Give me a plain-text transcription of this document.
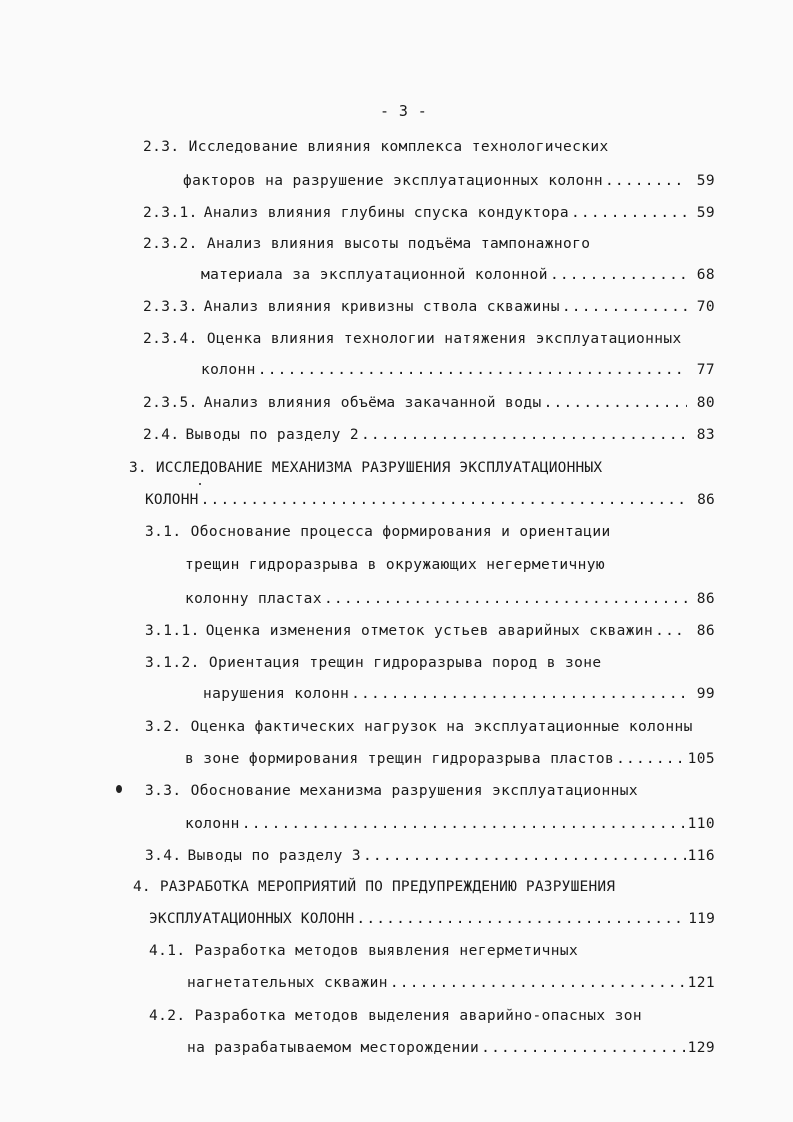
- 3 -
2.3. Исследование влияния комплекса технологических
факторов на разрушение эксплуатационных колонн .....	59
2.3.1. Анализ влияния глубины спуска кондуктора .....	59
2.3.2. Анализ влияния высоты подъёма тампонажного
материала за эксплуатационной колонной .....	68
2.3.3. Анализ влияния кривизны ствола скважины .....	70
2.3.4. Оценка влияния технологии натяжения эксплуатационных
колонн .....	77
2.3.5. Анализ влияния объёма закачанной воды .....	80
2.4. Выводы по разделу 2 .....	83
3. ИССЛЕДОВАНИЕ МЕХАНИЗМА РАЗРУШЕНИЯ ЭКСПЛУАТАЦИОННЫХ
КОЛОНН .....	86
3.1. Обоснование процесса формирования и ориентации
трещин гидроразрыва в окружающих негерметичную
колонну пластах .....	86
3.1.1. Оценка изменения отметок устьев аварийных скважин .....	86
3.1.2. Ориентация трещин гидроразрыва пород в зоне
нарушения колонн .....	99
3.2. Оценка фактических нагрузок на эксплуатационные колонны
в зоне формирования трещин гидроразрыва пластов .....	105
3.3. Обоснование механизма разрушения эксплуатационных
колонн .....	110
3.4. Выводы по разделу 3 .....	116
4. РАЗРАБОТКА МЕРОПРИЯТИЙ ПО ПРЕДУПРЕЖДЕНИЮ РАЗРУШЕНИЯ
ЭКСПЛУАТАЦИОННЫХ КОЛОНН .....	119
4.1. Разработка методов выявления негерметичных
нагнетательных скважин .....	121
4.2. Разработка методов выделения аварийно-опасных зон
на разрабатываемом месторождении .....	129
